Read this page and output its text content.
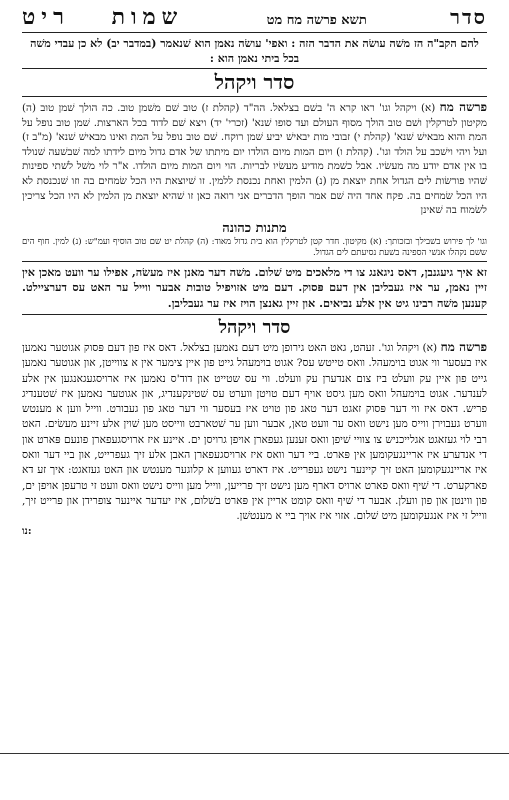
סדר
תשא פרשה מח מט
שמות  ריט
להם הקב"ה הז משׁה עושׂה את הדבר הזה : ואפי' עושׂה נאמן הוא שׁנאמר (במדבר יב) לא כן עבדי משׁה בכל ביתי נאמן הוא :
סדר ויקהל
פרשה מח (א) ויקהל וגו' ראו קרא ה' בשׁם בצלאל. הה"ד (קהלת ז) טוב שׁם משׁמן טוב. כה הולך שׁמן טוב (ה) מקיטון לטרקלין ושׁם טוב הולך מסוף העולם ועד סופו שׁנא' (זכרי' יד) ויצא שׁם לדוד בכל הארצות. שׁמן טוב נופל על המת והוא מבאישׁ שׁנא' (קהלת י) זבובי מות יבאישׁ יביע שׁמן רוקח. שׁם טוב נופל על המת ואינו מבאישׁ שׁנא' (מ"ב ז) ועל ויהי וישׁכב על הולד וגו'. (קהלת ו) ויום המות מיום הולדו יום מיתתו של אדם גדול מיום לידתו למה שׁבשׁעה שׁנולד בו אין אדם יודע מה מעשׂיו. אבל כשׁמת מודיע מעשׂיו לבריות. הוי ויום המות מיום הולדו. א"ר לוי משׁל לשׁתי ספינות שׁהיו פורשׂות לים הגדול אחת יוצאת מן (נ) הלמין ואחת נכנסת ללמין. זו שׁיוצאת היו הכל שׂמחים בה וזו שׁנכנסת לא היו הכל שׂמחים בה. פקח אחד היה שׁם אמר הופך הדברים אני רואה כאן זו שׁהיא יוצאת מן הלמין לא היו הכל צריכין לשׂמוח בה שׁאינן
מתנות כהונה
וגו' לך פירוש בשׁבילך ובזכותך: (א) מקיטון. חדר קטן לטרקלין הוא בית גדול מאוד: (ה) קהלת יט שׁם טוב הוסיף ועמ"ש: (נ) למין. חוף הים ששׁם נקהלו אנשׁי הספינה בשׁעת נסיעתם לים הגדול.
זא איך גיעגנבן, דאס ניגאנג צו די מלאכים מיט שׁלום. משׁה דער מאנן איז מעשׂה, אפילו ער וועט מאכן אין זיין נאמן, ער איז געבליבן אין דעם פּסוק. דעם מיט אזויפיל טובות אבער ווייל ער האט עס דערציילט. קענען משׁה רבינו גיט אין אלע נביאים. און זיין גאנצן הויז איז ער געבליבן.
סדר ויקהל
פרשה מח (א) ויקהל וגו'. זעהט, גאט האט גירופן מיט דעם נאמען בצלאל. דאס איז פון דעם פּסוק אגוטער נאמען איז בעסער ווי אגוט בוימעהל. וואס טייטש עס? אגוט בוימעהל גייט פון איין צימער אין א צווייטן, און אגוטער נאמען גייט פון איין עק וועלט ביז צום אנדערן עק וועלט. ווי עס שטייט און דוד'ס נאמען איז ארויסגעגאנגען אין אלע לענדער. אגוט בוימעהל וואס מען גיסט אויף דעם טויטן ווערט עס שׁטינקענדיג, און אגוטער נאמען איז שׁטענדיג פריש. דאס איז ווי דער פּסוק זאגט דער טאג פון טויט איז בעסער ווי דער טאג פון געבורט. ווייל ווען א מענטש ווערט געבוירן ווייס מען נישט וואס ער וועט טאן, אבער ווען ער שׁטארבט ווייסט מען שׁוין אלע זיינע מעשׂים. האט רבי לוי געזאגט אגלייכניש צו צוויי שׁיפן וואס זענען געפארן אויפן גרויסן ים. איינע איז ארויסגעפארן פונעם פּארט און די אנדערע איז אריינגעקומען אין פּארט. ביי דער וואס איז ארויסגעפארן האבן אלע זיך געפרייט, און ביי דער וואס איז אריינגעקומען האט זיך קיינער נישט געפרייט. איז דארט געווען א קלוגער מענטש און האט געזאגט: איך זע דא פארקערט. די שׁיף וואס פארט ארויס דארף מען נישט זיך פרייען, ווייל מען ווייס נישט וואס וועט זי טרעפן אויפן ים, פון ווינטן און פון וועלן. אבער די שׁיף וואס קומט אריין אין פּארט בשׁלום, איז יעדער איינער צופרידן און פרייט זיך, ווייל זי איז אנגעקומען מיט שׁלום. אזוי איז אויך ביי א מענטשׁן.
נו:
